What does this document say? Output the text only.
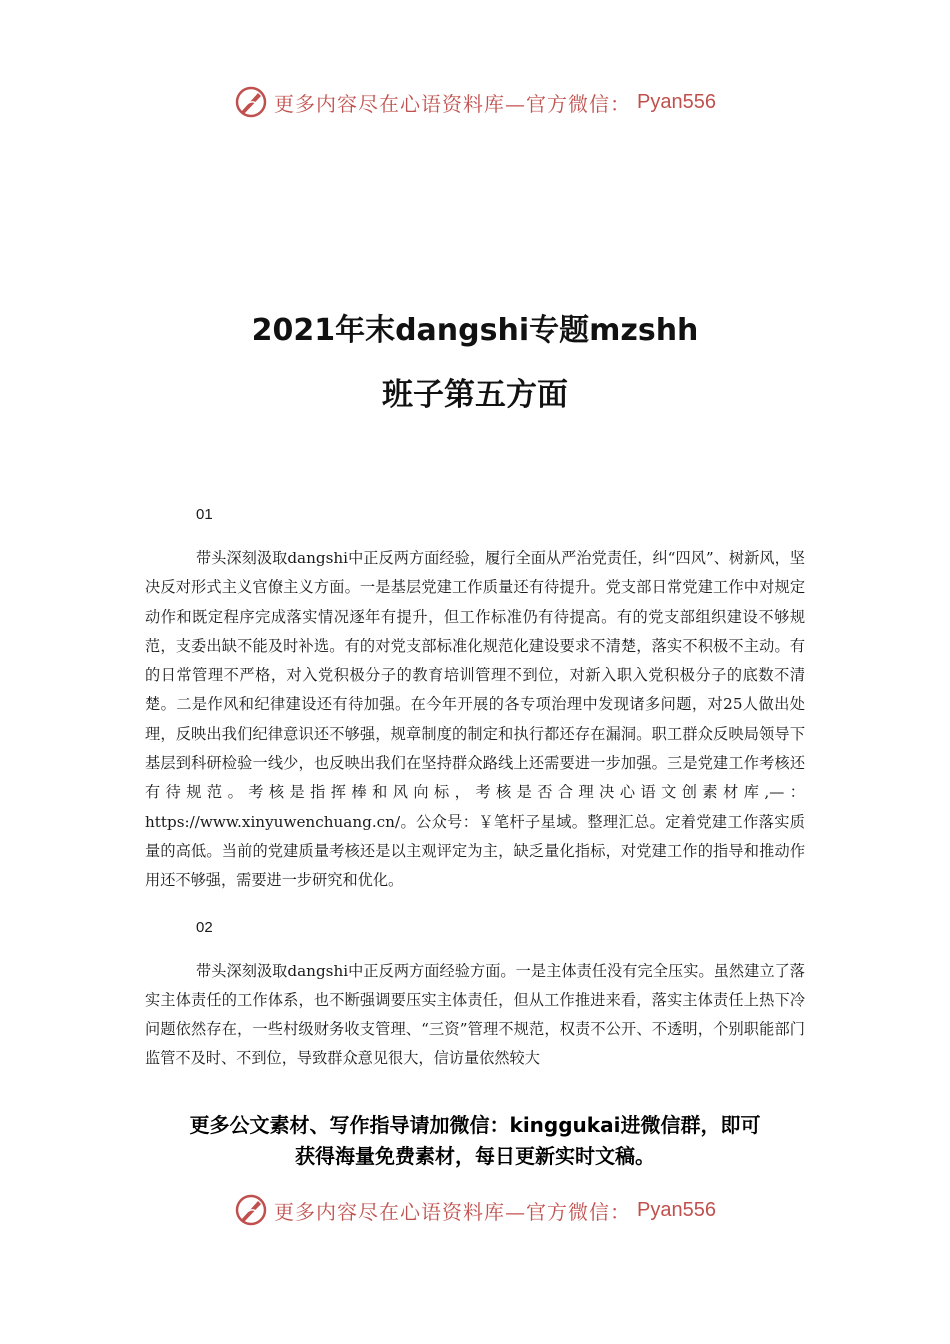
更多内容尽在心语资料库—官方微信： Pyan556
2021年末dangshi专题mzshh
班子第五方面

01

带头深刻汲取dangshi中正反两方面经验，履行全面从严治党责任，纠“四风”、树新风，坚决反对形式主义官僚主义方面。一是基层党建工作质量还有待提升。党支部日常党建工作中对规定动作和既定程序完成落实情况逐年有提升，但工作标准仍有待提高。有的党支部组织建设不够规范，支委出缺不能及时补选。有的对党支部标准化规范化建设要求不清楚，落实不积极不主动。有的日常管理不严格，对入党积极分子的教育培训管理不到位，对新入职入党积极分子的底数不清楚。二是作风和纪律建设还有待加强。在今年开展的各专项治理中发现诸多问题，对25人做出处理，反映出我们纪律意识还不够强，规章制度的制定和执行都还存在漏洞。职工群众反映局领导下基层到科研检验一线少，也反映出我们在坚持群众路线上还需要进一步加强。三是党建工作考核还有待规范。考核是指挥棒和风向标，考核是否合理决心语文创素材库,—：https://www.xinyuwenchuang.cn/。公众号：￥笔杆子星域。整理汇总。定着党建工作落实质量的高低。当前的党建质量考核还是以主观评定为主，缺乏量化指标，对党建工作的指导和推动作用还不够强，需要进一步研究和优化。

02

带头深刻汲取dangshi中正反两方面经验方面。一是主体责任没有完全压实。虽然建立了落实主体责任的工作体系，也不断强调要压实主体责任，但从工作推进来看，落实主体责任上热下冷问题依然存在，一些村级财务收支管理、“三资”管理不规范，权责不公开、不透明，个别职能部门监管不及时、不到位，导致群众意见很大，信访量依然较大

更多公文素材、写作指导请加微信：kinggukai进微信群，即可
获得海量免费素材，每日更新实时文稿。
更多内容尽在心语资料库—官方微信： Pyan556
